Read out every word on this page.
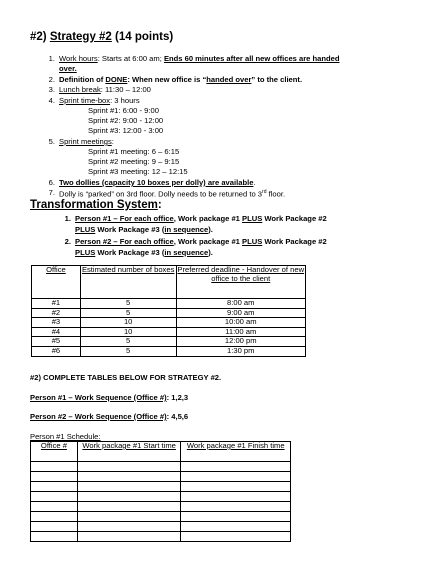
#2) Strategy #2 (14 points)
1. Work hours: Starts at 6:00 am; Ends 60 minutes after all new offices are handed
over.
2. Definition of DONE: When new office is “handed over” to the client.
3. Lunch break: 11:30 – 12:00
4. Sprint time-box: 3 hours
Sprint #1: 6:00 - 9:00
Sprint #2: 9:00 - 12:00
Sprint #3: 12:00 - 3:00
5. Sprint meetings:
Sprint #1 meeting: 6 – 6:15
Sprint #2 meeting: 9 – 9:15
Sprint #3 meeting: 12 – 12:15
6. Two dollies (capacity 10 boxes per dolly) are available.
7. Dolly is “parked” on 3rd floor. Dolly needs to be returned to 3rd floor.
Transformation System:
1. Person #1 – For each office, Work package #1 PLUS Work Package #2
PLUS Work Package #3 (in sequence).
2. Person #2 – For each office, Work package #1 PLUS Work Package #2
PLUS Work Package #3 (in sequence).
Office	Estimated number of boxes	Preferred deadline - Handover of new office to the client
#1	5	8:00 am
#2	5	9:00 am
#3	10	10:00 am
#4	10	11:00 am
#5	5	12:00 pm
#6	5	1:30 pm
#2) COMPLETE TABLES BELOW FOR STRATEGY #2.
Person #1 – Work Sequence (Office #): 1,2,3
Person #2 – Work Sequence (Office #): 4,5,6
Person #1 Schedule:
Office #	Work package #1 Start time	Work package #1 Finish time
